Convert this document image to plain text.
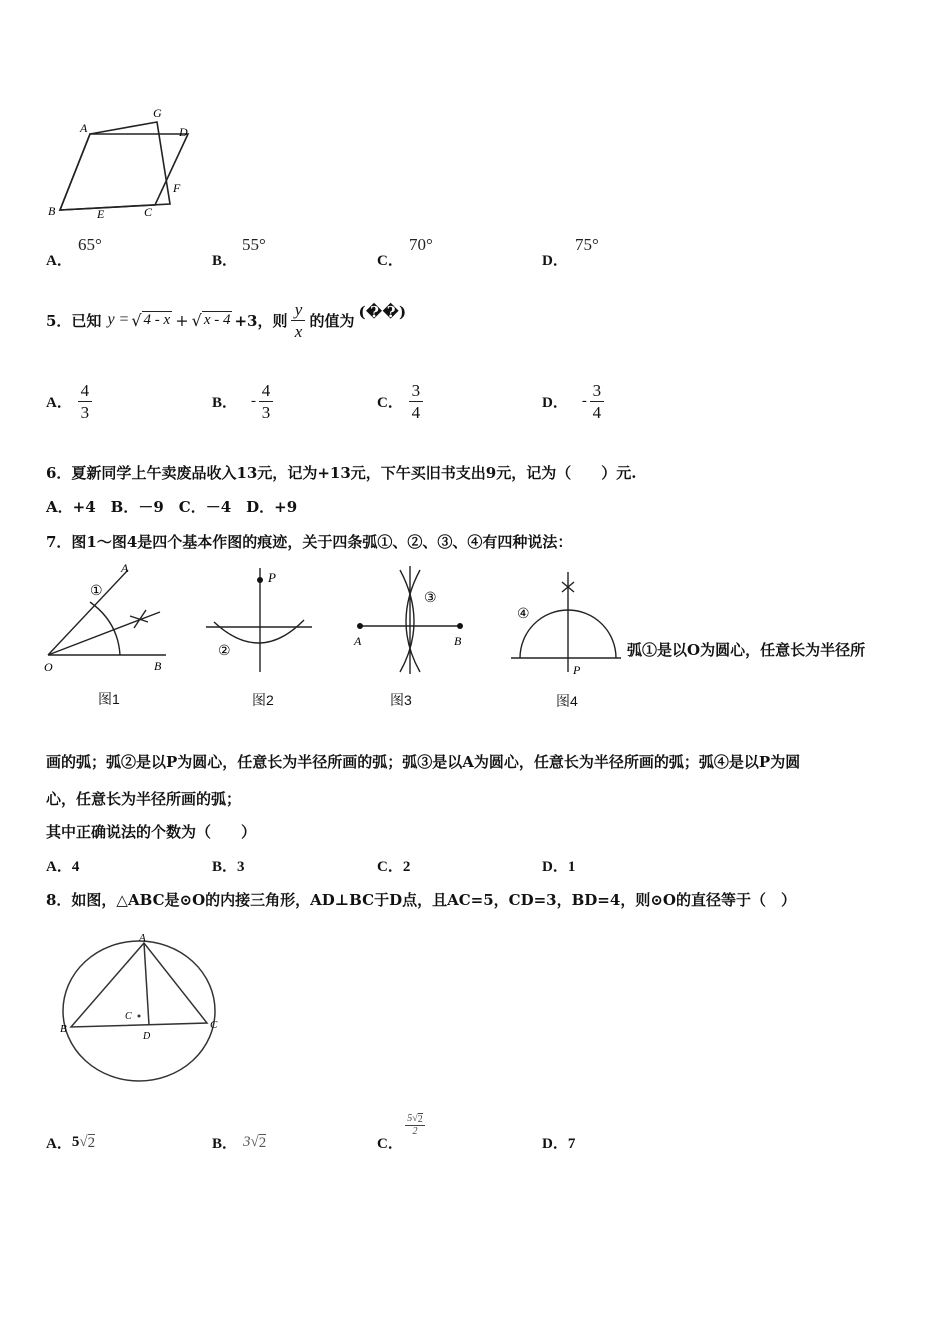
A
G
D
F
B	E	C
A．
65°
B．
55°
C．
70°
D．
75°
5．已知 y = √ 4 - x + √ x - 4 +3，则 $\frac{y}{x}$ 的值为 (��)
A． $\frac{4}{3}$	B． - $\frac{4}{3}$	C． $\frac{3}{4}$	D． - $\frac{3}{4}$
6．夏新同学上午卖废品收入13元，记为+13元，下午买旧书支出9元，记为（　　）元.
A．+4　B．－9　C．－4　D．+9
7．图1～图4是四个基本作图的痕迹，关于四条弧①、②、③、④有四种说法：
A
①
O	B
图1
P
②
图2
③
A	B
图3
④
P
图4
弧①是以O为圆心，任意长为半径所
画的弧；弧②是以P为圆心，任意长为半径所画的弧；弧③是以A为圆心，任意长为半径所画的弧；弧④是以P为圆
心，任意长为半径所画的弧；
其中正确说法的个数为（　　）
A．4	B．3	C．2	D．1
8．如图，△ABC是⊙O的内接三角形，AD⊥BC于D点，且AC=5，CD=3，BD=4，则⊙O的直径等于（　）
A
B	C
D
C
A． 5 √ 2	B． 3 √ 2	C．
5 √ 2
2
D．7
